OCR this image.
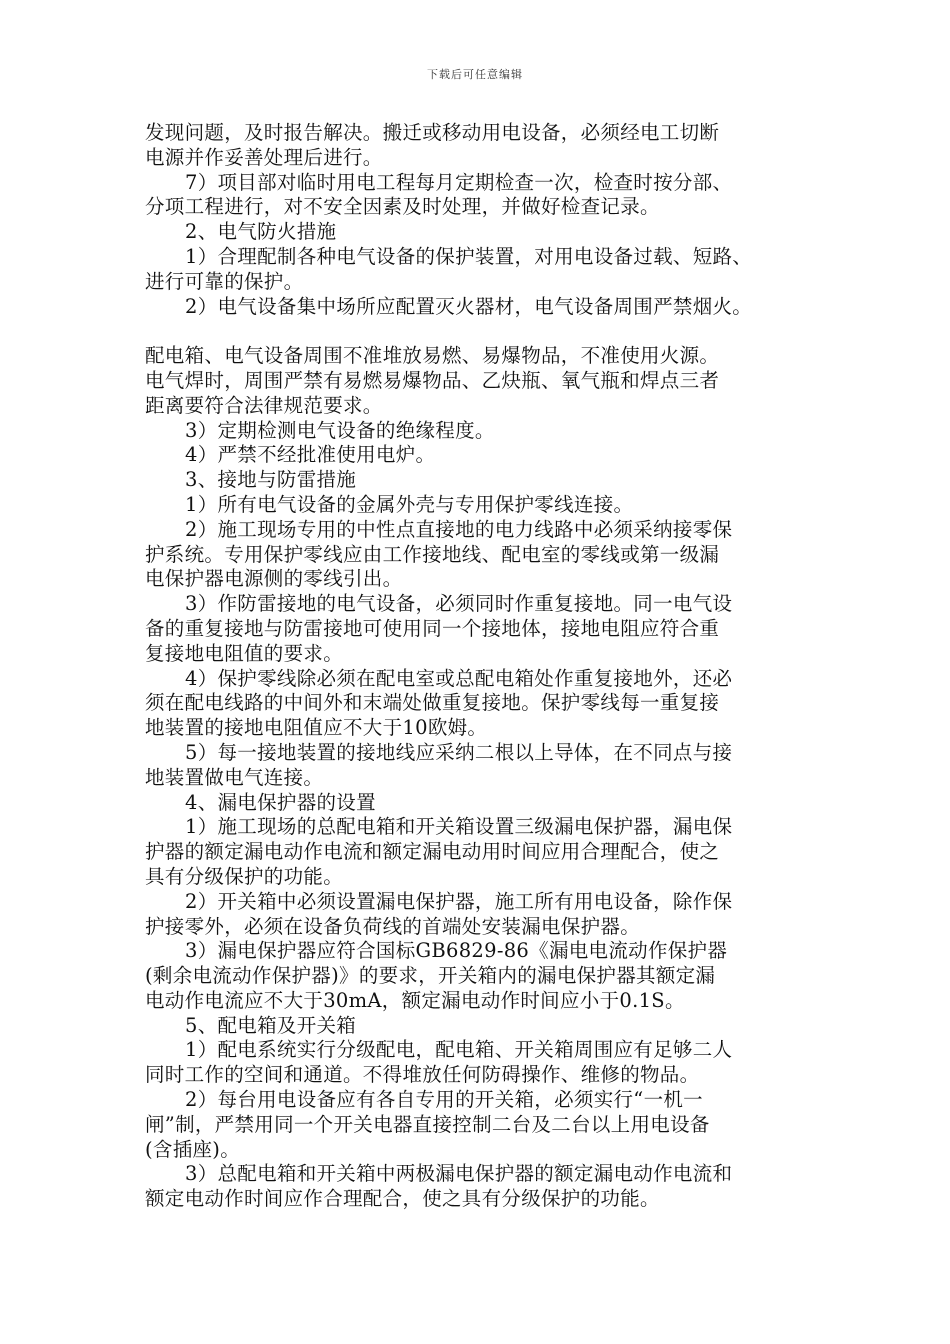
下载后可任意编辑
发现问题，及时报告解决。搬迁或移动用电设备，必须经电工切断
电源并作妥善处理后进行。
7）项目部对临时用电工程每月定期检查一次，检查时按分部、
分项工程进行，对不安全因素及时处理，并做好检查记录。
2、电气防火措施
1）合理配制各种电气设备的保护装置，对用电设备过载、短路、
进行可靠的保护。
2）电气设备集中场所应配置灭火器材，电气设备周围严禁烟火。
配电箱、电气设备周围不准堆放易燃、易爆物品，不准使用火源。
电气焊时，周围严禁有易燃易爆物品、乙炔瓶、氧气瓶和焊点三者
距离要符合法律规范要求。
3）定期检测电气设备的绝缘程度。
4）严禁不经批准使用电炉。
3、接地与防雷措施
1）所有电气设备的金属外壳与专用保护零线连接。
2）施工现场专用的中性点直接地的电力线路中必须采纳接零保
护系统。专用保护零线应由工作接地线、配电室的零线或第一级漏
电保护器电源侧的零线引出。
3）作防雷接地的电气设备，必须同时作重复接地。同一电气设
备的重复接地与防雷接地可使用同一个接地体，接地电阻应符合重
复接地电阻值的要求。
4）保护零线除必须在配电室或总配电箱处作重复接地外，还必
须在配电线路的中间外和末端处做重复接地。保护零线每一重复接
地装置的接地电阻值应不大于10欧姆。
5）每一接地装置的接地线应采纳二根以上导体，在不同点与接
地装置做电气连接。
4、漏电保护器的设置
1）施工现场的总配电箱和开关箱设置三级漏电保护器，漏电保
护器的额定漏电动作电流和额定漏电动用时间应用合理配合，使之
具有分级保护的功能。
2）开关箱中必须设置漏电保护器，施工所有用电设备，除作保
护接零外，必须在设备负荷线的首端处安装漏电保护器。
3）漏电保护器应符合国标GB6829-86《漏电电流动作保护器
(剩余电流动作保护器)》的要求，开关箱内的漏电保护器其额定漏
电动作电流应不大于30mA，额定漏电动作时间应小于0.1S。
5、配电箱及开关箱
1）配电系统实行分级配电，配电箱、开关箱周围应有足够二人
同时工作的空间和通道。不得堆放任何防碍操作、维修的物品。
2）每台用电设备应有各自专用的开关箱，必须实行“一机一
闸”制，严禁用同一个开关电器直接控制二台及二台以上用电设备
(含插座)。
3）总配电箱和开关箱中两极漏电保护器的额定漏电动作电流和
额定电动作时间应作合理配合，使之具有分级保护的功能。
